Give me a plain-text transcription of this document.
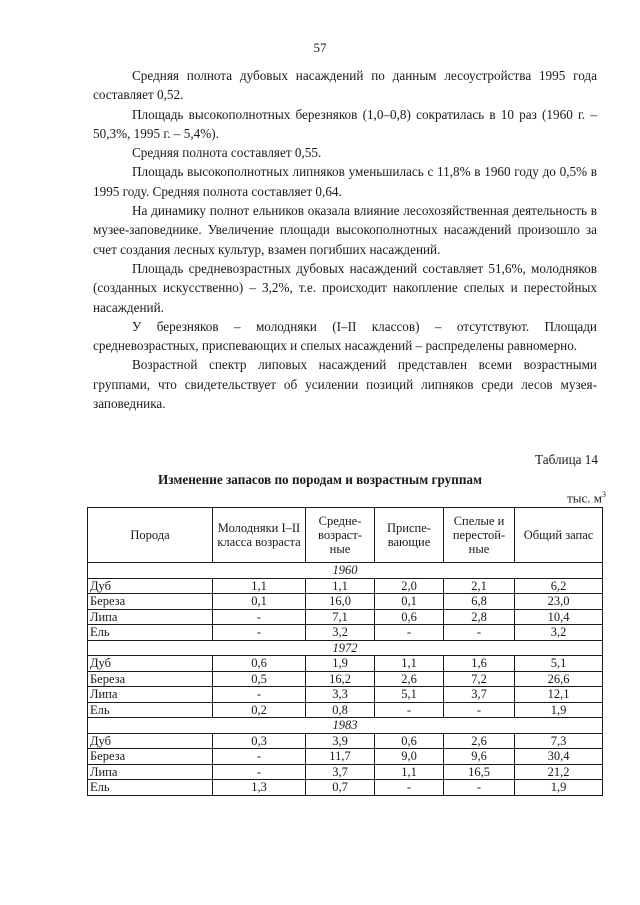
57

Средняя полнота дубовых насаждений по данным лесоустройства 1995 года составляет 0,52.

Площадь высокополнотных березняков (1,0–0,8) сократилась в 10 раз (1960 г. – 50,3%, 1995 г. – 5,4%).

Средняя полнота составляет 0,55.

Площадь высокополнотных липняков уменьшилась с 11,8% в 1960 году до 0,5% в 1995 году. Средняя полнота составляет 0,64.

На динамику полнот ельников оказала влияние лесохозяйственная деятельность в музее-заповеднике. Увеличение площади высокополнотных насаждений произошло за счет создания лесных культур, взамен погибших насаждений.

Площадь средневозрастных дубовых насаждений составляет 51,6%, молодняков (созданных искусственно) – 3,2%, т.е. происходит накопление спелых и перестойных насаждений.

У березняков – молодняки (I–II классов) – отсутствуют. Площади средневозрастных, приспевающих и спелых насаждений – распределены равномерно.

Возрастной спектр липовых насаждений представлен всеми возрастными группами, что свидетельствует об усилении позиций липняков среди лесов музея-заповедника.

Таблица 14
Изменение запасов по породам и возрастным группам
тыс. $м^3$
Порода	Молодняки I–II класса возраста	Средне-возраст-ные	Приспе-вающие	Спелые и перестой-ные	Общий запас
1960					
Дуб	1,1	1,1	2,0	2,1	6,2
Береза	0,1	16,0	0,1	6,8	23,0
Липа	-	7,1	0,6	2,8	10,4
Ель	-	3,2	-	-	3,2
1972					
Дуб	0,6	1,9	1,1	1,6	5,1
Береза	0,5	16,2	2,6	7,2	26,6
Липа	-	3,3	5,1	3,7	12,1
Ель	0,2	0,8	-	-	1,9
1983					
Дуб	0,3	3,9	0,6	2,6	7,3
Береза	-	11,7	9,0	9,6	30,4
Липа	-	3,7	1,1	16,5	21,2
Ель	1,3	0,7	-	-	1,9
